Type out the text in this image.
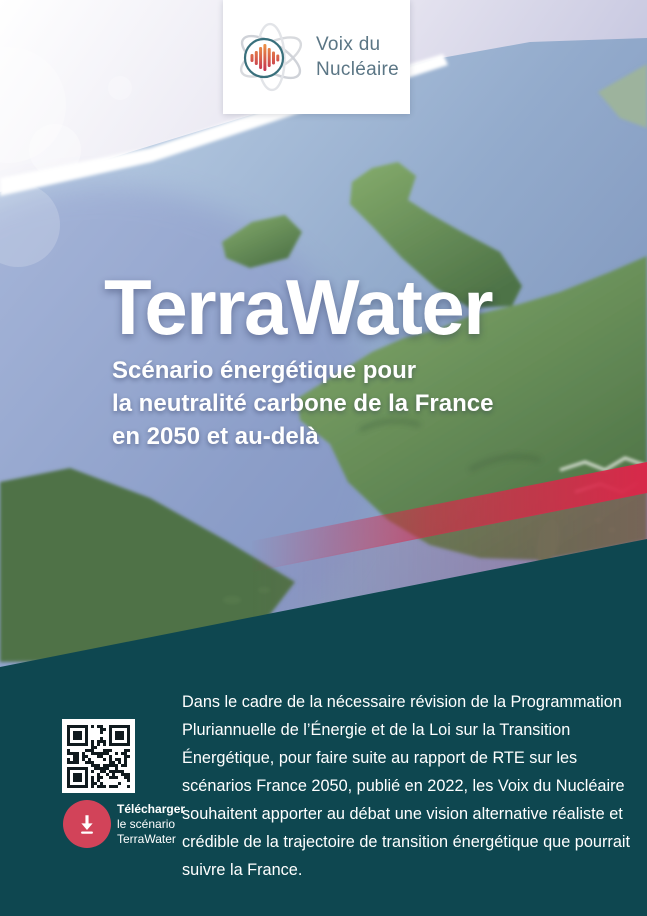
Voix du
Nucléaire
TerraWater
Scénario énergétique pour
la neutralité carbone de la France
en 2050 et au-delà
Dans le cadre de la nécessaire révision de la Programmation Pluriannuelle de l’Énergie et de la Loi sur la Transition Énergétique, pour faire suite au rapport de RTE sur les scénarios France 2050, publié en 2022, les Voix du Nucléaire souhaitent apporter au débat une vision alternative réaliste et crédible de la trajectoire de transition énergétique que pourrait suivre la France.
Télécharger
le scénario
TerraWater
